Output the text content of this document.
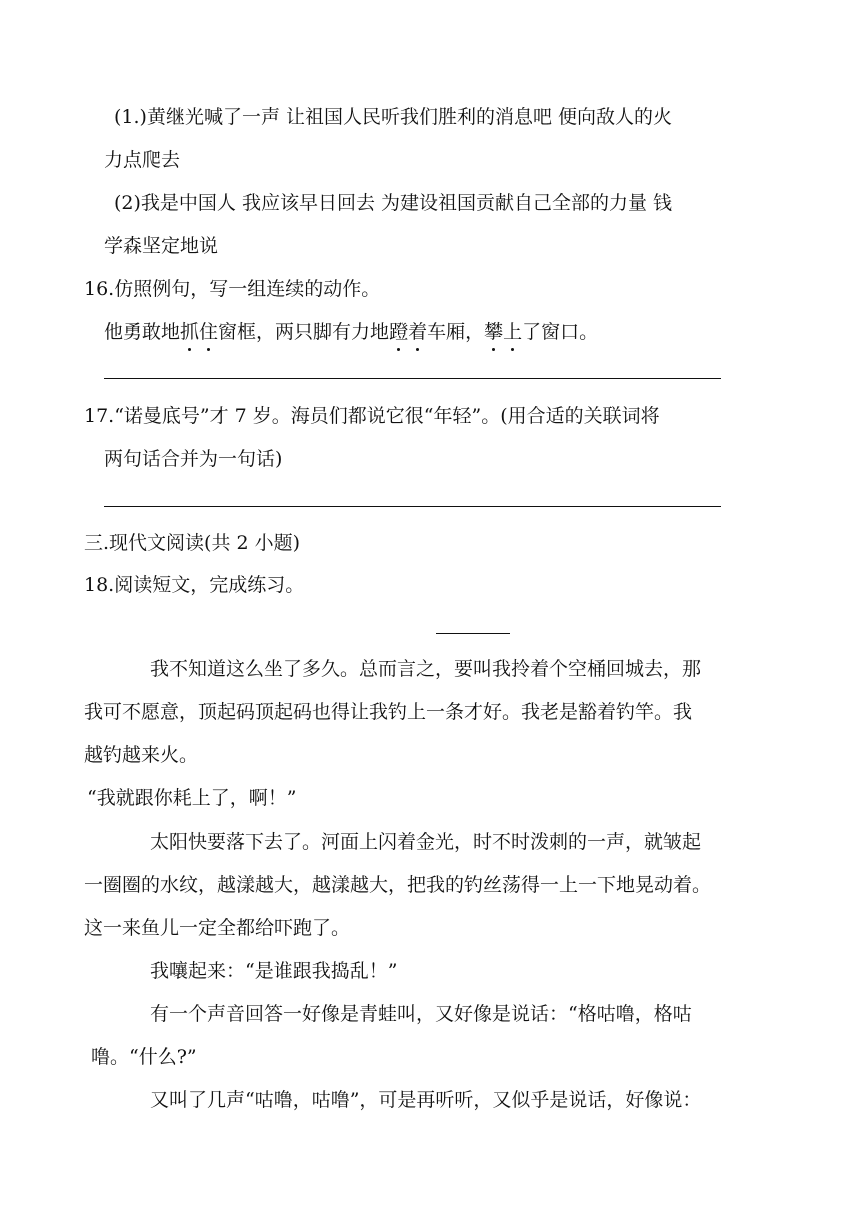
(1.)黄继光喊了一声 让祖国人民听我们胜利的消息吧 便向敌人的火
力点爬去
(2)我是中国人 我应该早日回去 为建设祖国贡献自己全部的力量 钱
学森坚定地说
16.仿照例句，写一组连续的动作。
他勇敢地抓住窗框，两只脚有力地蹬着车厢，攀上了窗口。
17.“诺曼底号”才 7 岁。海员们都说它很“年轻”。(用合适的关联词将
两句话合并为一句话)
三.现代文阅读(共 2 小题)
18.阅读短文，完成练习。
我不知道这么坐了多久。总而言之，要叫我拎着个空桶回城去，那
我可不愿意，顶起码顶起码也得让我钓上一条才好。我老是豁着钓竿。我
越钓越来火。
“我就跟你耗上了，啊！”
太阳快要落下去了。河面上闪着金光，时不时泼刺的一声，就皱起
一圈圈的水纹，越漾越大，越漾越大，把我的钓丝荡得一上一下地晃动着。
这一来鱼儿一定全都给吓跑了。
我嚷起来：“是谁跟我捣乱！”
有一个声音回答一好像是青蛙叫，又好像是说话：“格咕噜，格咕
噜。“什么?”
又叫了几声“咕噜，咕噜”，可是再听听，又似乎是说话，好像说：
